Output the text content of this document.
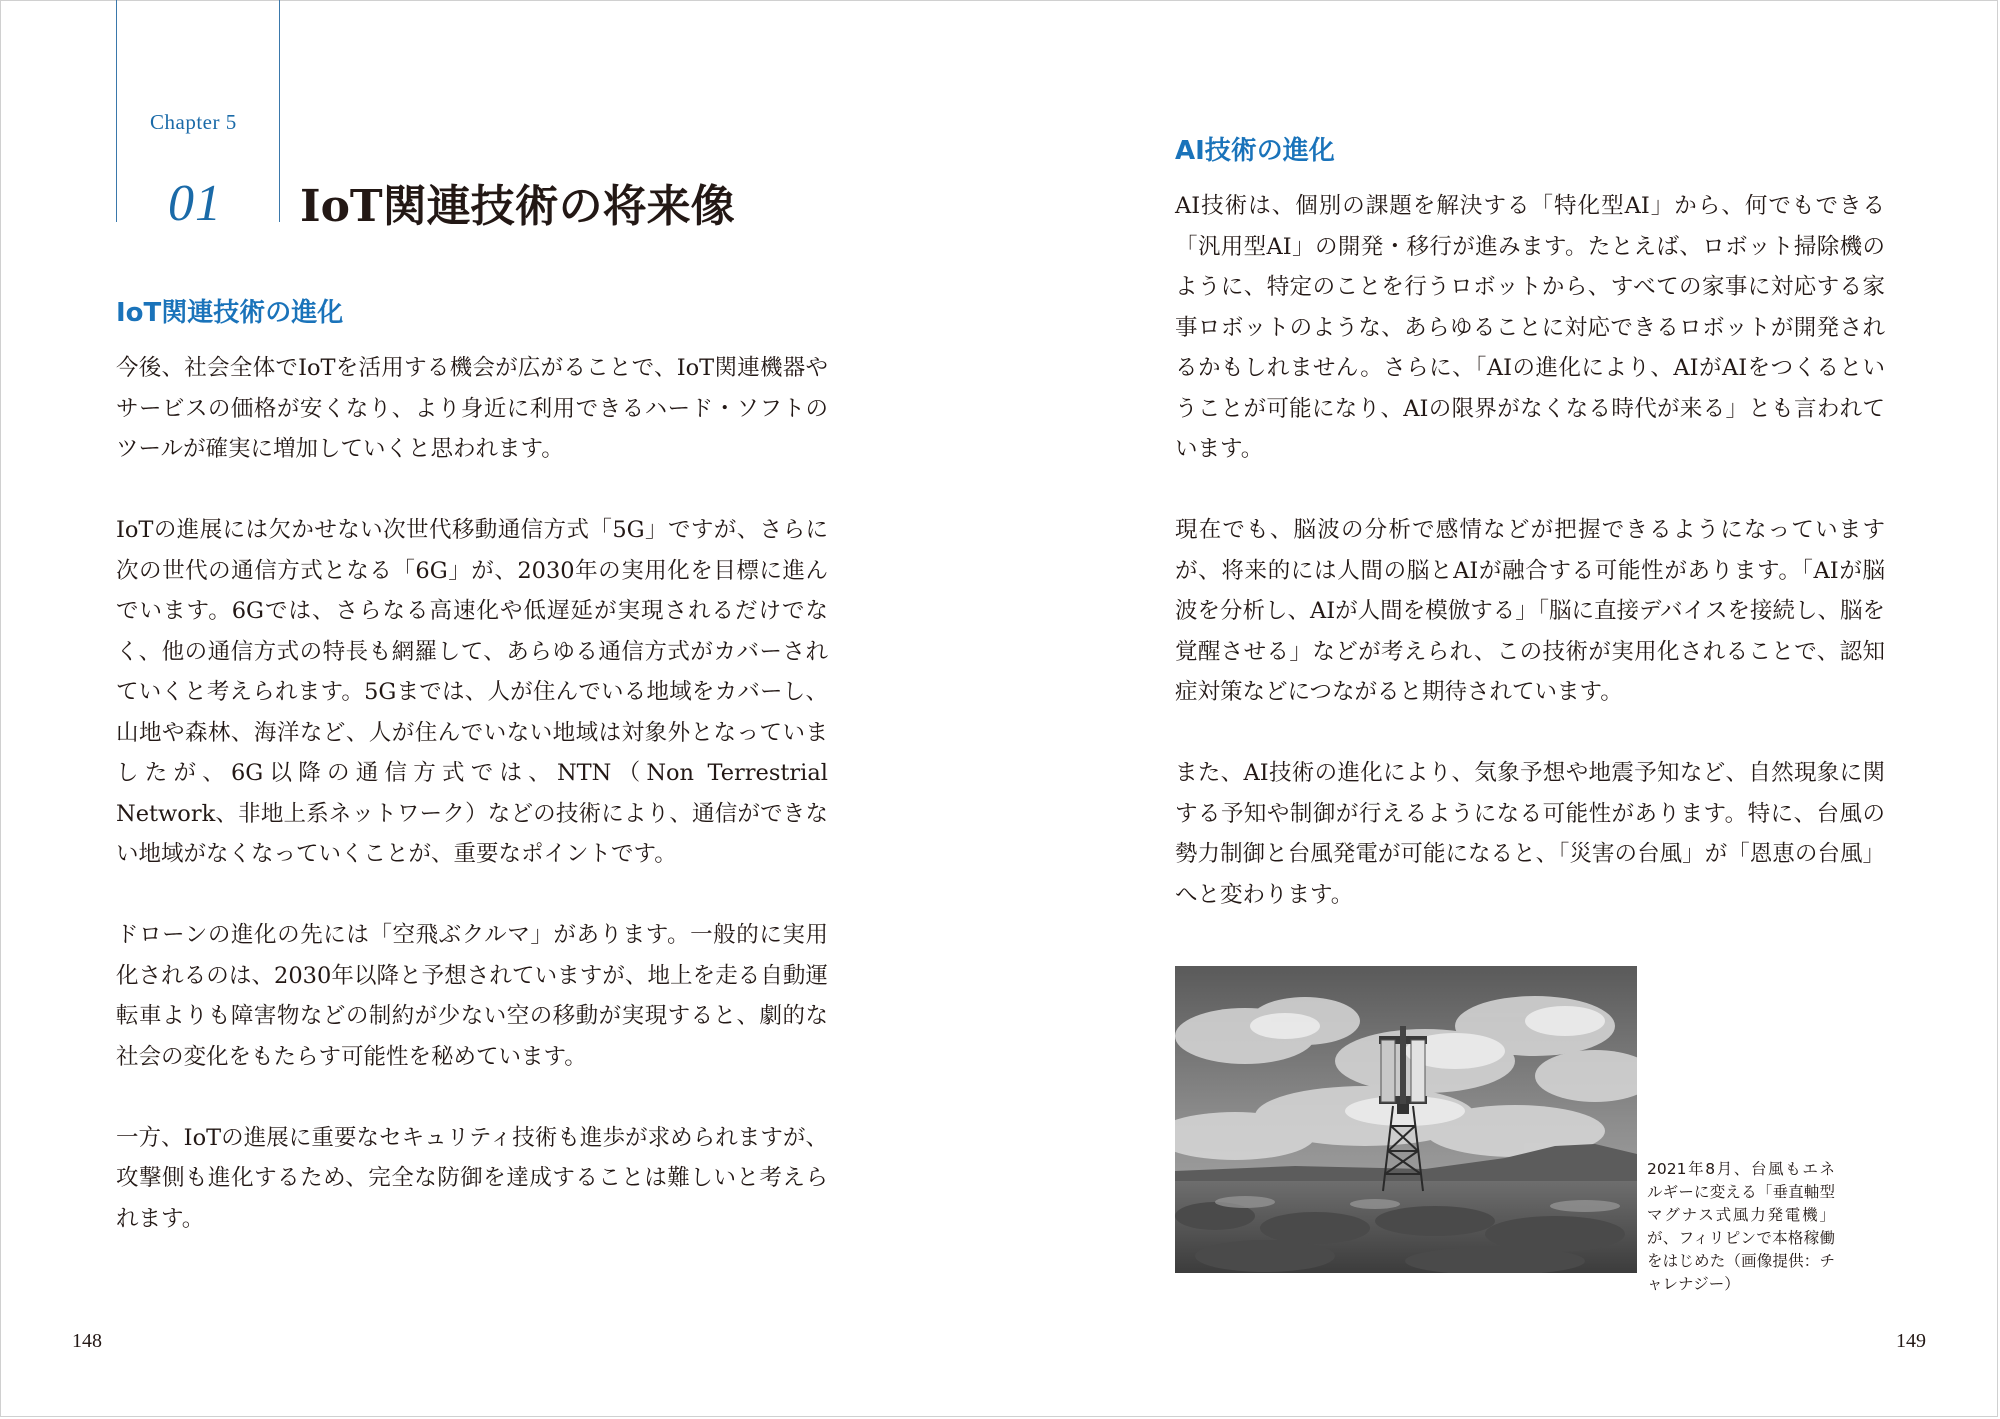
Chapter 5
01 IoT関連技術の将来像
IoT関連技術の進化

今後、社会全体でIoTを活用する機会が広がることで、IoT関連機器やサービスの価格が安くなり、より身近に利用できるハード・ソフトのツールが確実に増加していくと思われます。

IoTの進展には欠かせない次世代移動通信方式「5G」ですが、さらに次の世代の通信方式となる「6G」が、2030年の実用化を目標に進んでいます。6Gでは、さらなる高速化や低遅延が実現されるだけでなく、他の通信方式の特長も網羅して、あらゆる通信方式がカバーされていくと考えられます。5Gまでは、人が住んでいる地域をカバーし、山地や森林、海洋など、人が住んでいない地域は対象外となっていましたが、6G以降の通信方式では、NTN（Non Terrestrial Network、非地上系ネットワーク）などの技術により、通信ができない地域がなくなっていくことが、重要なポイントです。

ドローンの進化の先には「空飛ぶクルマ」があります。一般的に実用化されるのは、2030年以降と予想されていますが、地上を走る自動運転車よりも障害物などの制約が少ない空の移動が実現すると、劇的な社会の変化をもたらす可能性を秘めています。

一方、IoTの進展に重要なセキュリティ技術も進歩が求められますが、攻撃側も進化するため、完全な防御を達成することは難しいと考えられます。

148
AI技術の進化

AI技術は、個別の課題を解決する「特化型AI」から、何でもできる「汎用型AI」の開発・移行が進みます。たとえば、ロボット掃除機のように、特定のことを行うロボットから、すべての家事に対応する家事ロボットのような、あらゆることに対応できるロボットが開発されるかもしれません。さらに、「AIの進化により、AIがAIをつくるということが可能になり、AIの限界がなくなる時代が来る」とも言われています。

現在でも、脳波の分析で感情などが把握できるようになっていますが、将来的には人間の脳とAIが融合する可能性があります。「AIが脳波を分析し、AIが人間を模倣する」「脳に直接デバイスを接続し、脳を覚醒させる」などが考えられ、この技術が実用化されることで、認知症対策などにつながると期待されています。

また、AI技術の進化により、気象予想や地震予知など、自然現象に関する予知や制御が行えるようになる可能性があります。特に、台風の勢力制御と台風発電が可能になると、「災害の台風」が「恩恵の台風」へと変わります。

2021年8月、台風もエネルギーに変える「垂直軸型マグナス式風力発電機」が、フィリピンで本格稼働をはじめた（画像提供：チャレナジー）
149
